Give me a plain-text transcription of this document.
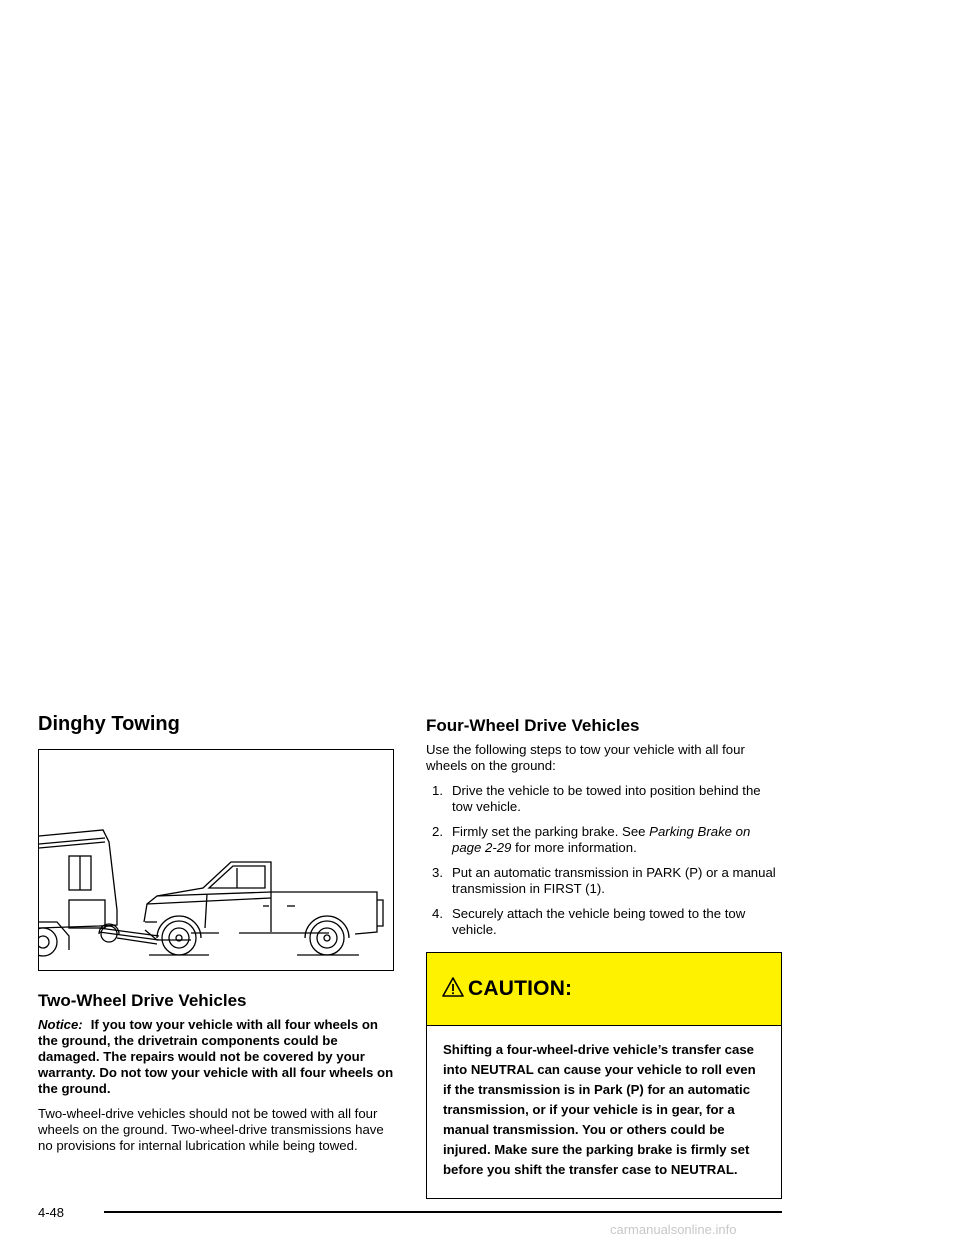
Dinghy Towing
Two-Wheel Drive Vehicles

Notice: If you tow your vehicle with all four wheels on the ground, the drivetrain components could be damaged. The repairs would not be covered by your warranty. Do not tow your vehicle with all four wheels on the ground.

Two-wheel-drive vehicles should not be towed with all four wheels on the ground. Two-wheel-drive transmissions have no provisions for internal lubrication while being towed.

Four-Wheel Drive Vehicles

Use the following steps to tow your vehicle with all four wheels on the ground:

1. Drive the vehicle to be towed into position behind the tow vehicle.
2. Firmly set the parking brake. See Parking Brake on page 2-29 for more information.
3. Put an automatic transmission in PARK (P) or a manual transmission in FIRST (1).
4. Securely attach the vehicle being towed to the tow vehicle.
CAUTION:
Shifting a four-wheel-drive vehicle’s transfer case into NEUTRAL can cause your vehicle to roll even if the transmission is in Park (P) for an automatic transmission, or if your vehicle is in gear, for a manual transmission. You or others could be injured. Make sure the parking brake is firmly set before you shift the transfer case to NEUTRAL.
4-48
carmanualsonline.info
